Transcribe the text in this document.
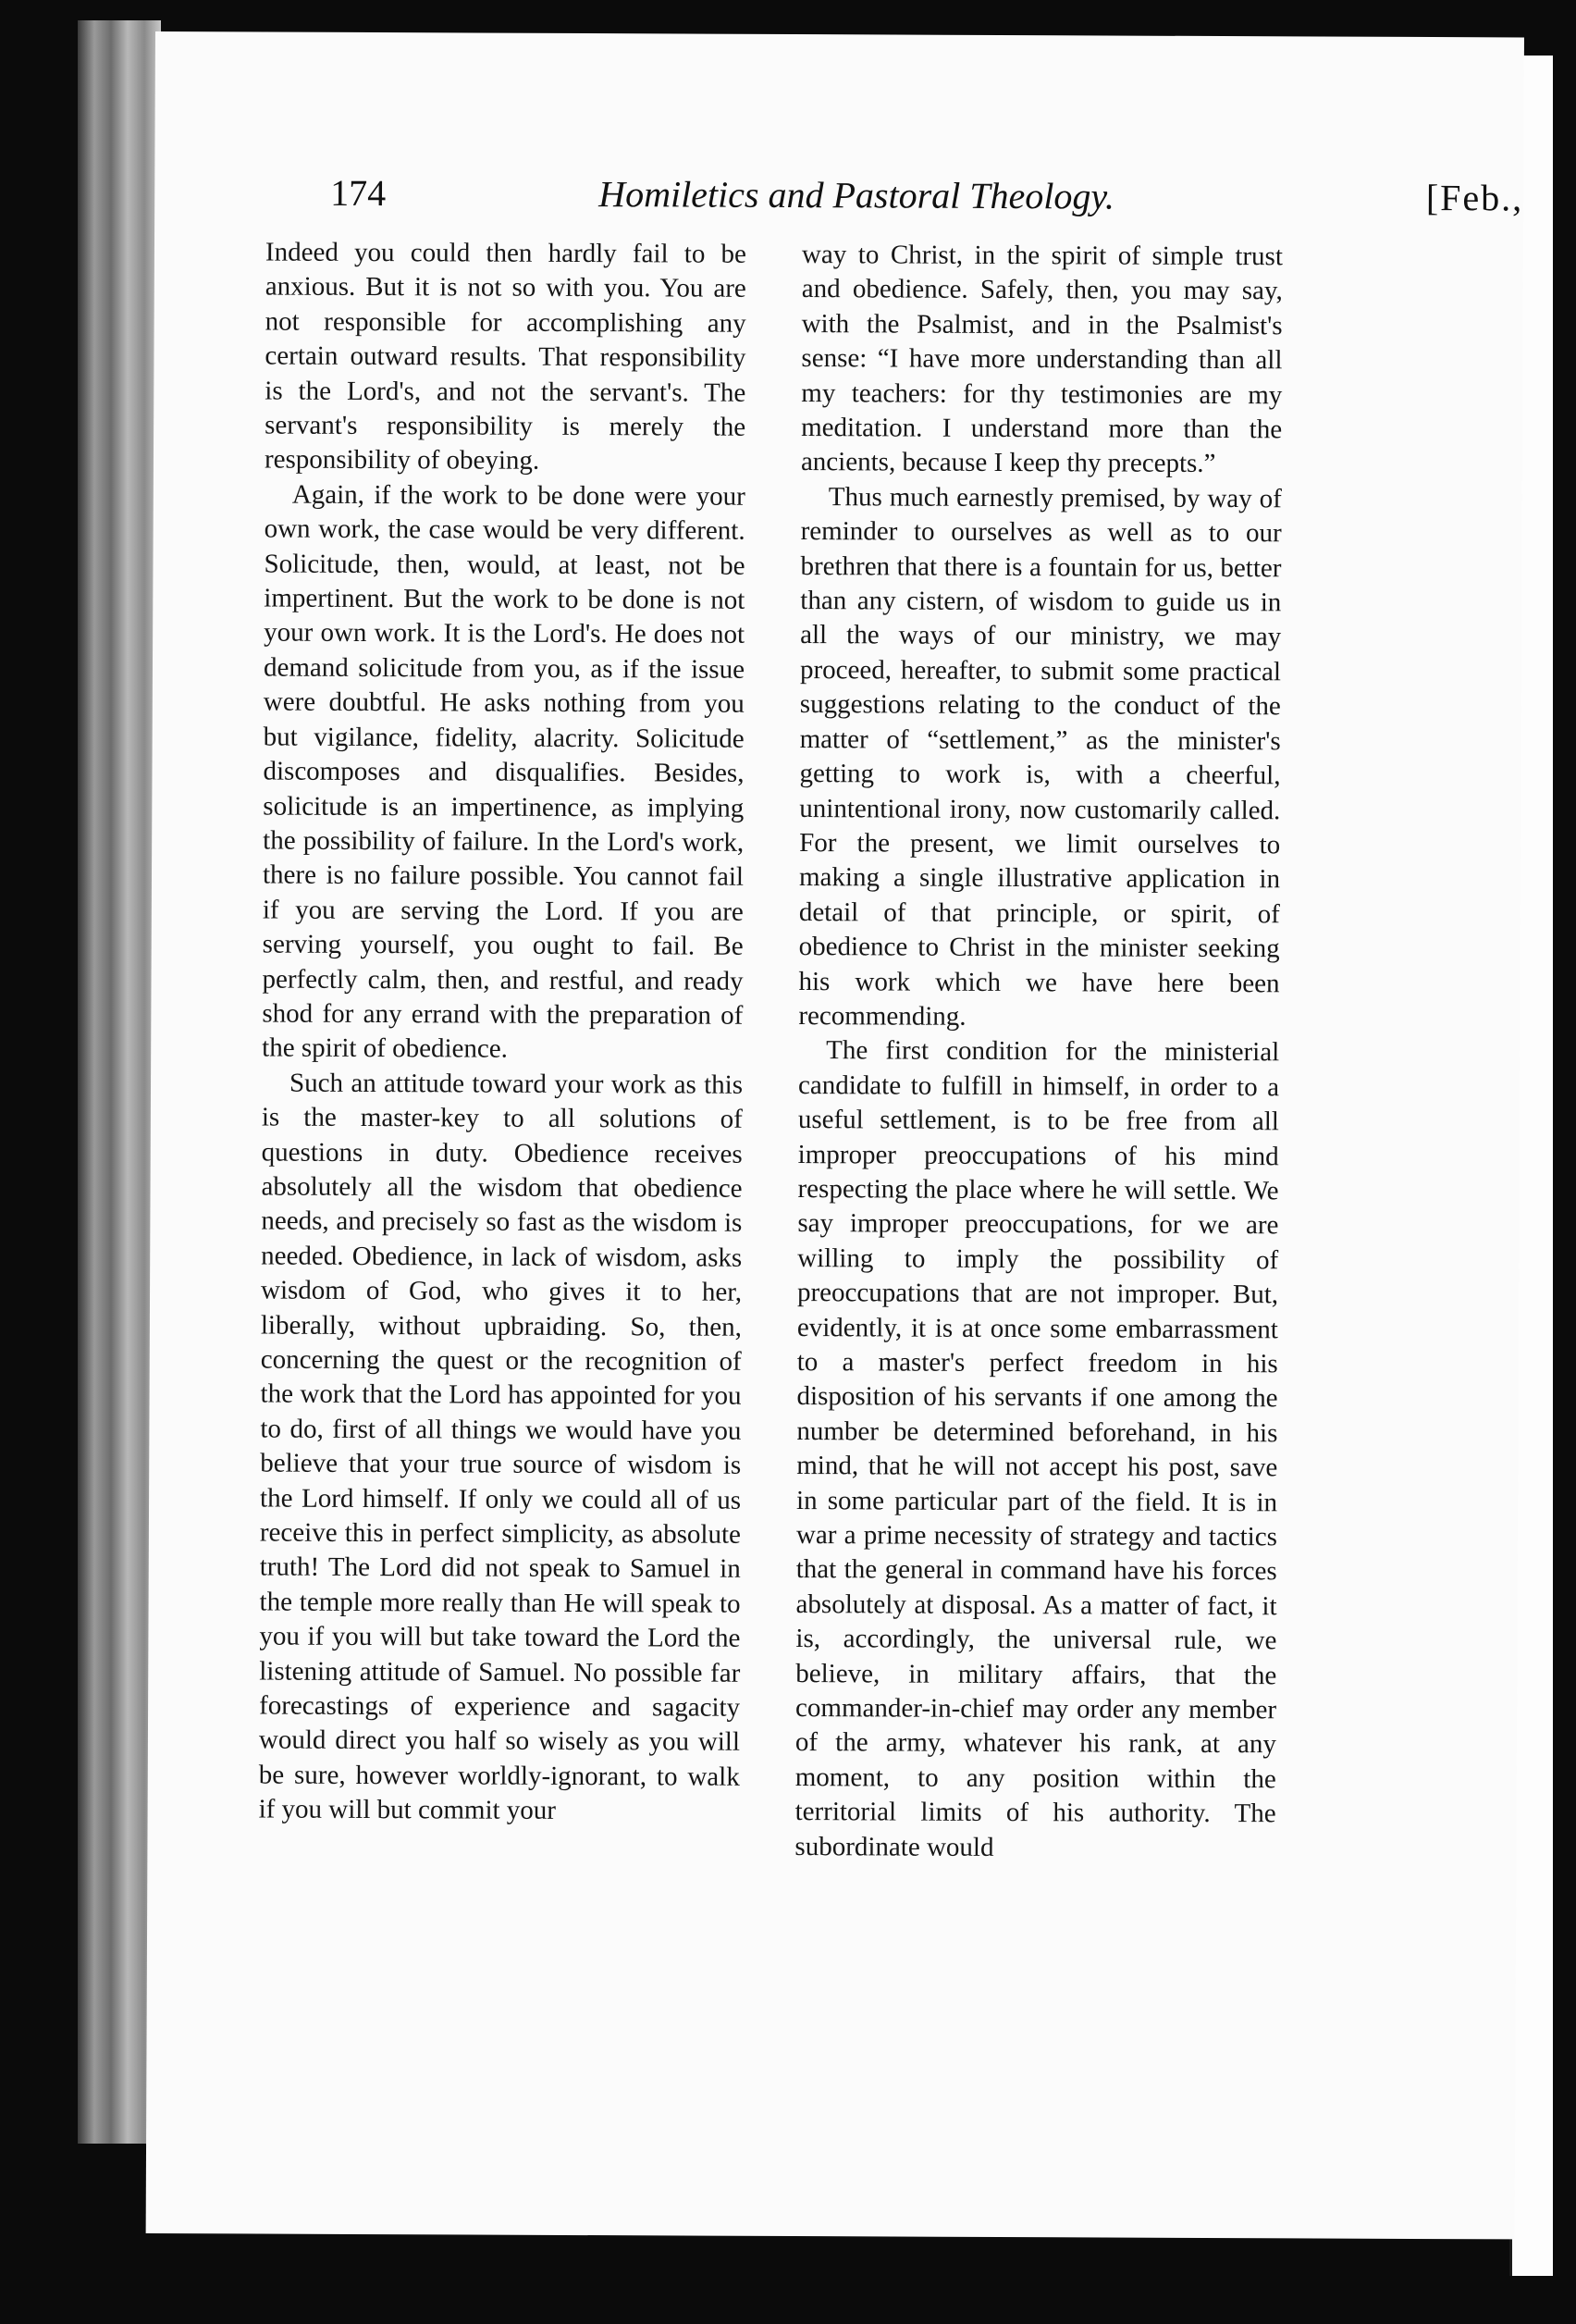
174	Homiletics and Pastoral Theology.	[Feb.,

Indeed you could then hardly fail to be anxious. But it is not so with you. You are not responsible for accomplishing any certain outward results. That responsibility is the Lord's, and not the servant's. The servant's responsibility is merely the responsibility of obeying.

Again, if the work to be done were your own work, the case would be very different. Solicitude, then, would, at least, not be impertinent. But the work to be done is not your own work. It is the Lord's. He does not demand solicitude from you, as if the issue were doubtful. He asks nothing from you but vigilance, fidelity, alacrity. Solicitude discomposes and disqualifies. Besides, solicitude is an impertinence, as implying the possibility of failure. In the Lord's work, there is no failure possible. You cannot fail if you are serving the Lord. If you are serving yourself, you ought to fail. Be perfectly calm, then, and restful, and ready shod for any errand with the preparation of the spirit of obedience.

Such an attitude toward your work as this is the master-key to all solutions of questions in duty. Obedience receives absolutely all the wisdom that obedience needs, and precisely so fast as the wisdom is needed. Obedience, in lack of wisdom, asks wisdom of God, who gives it to her, liberally, without upbraiding. So, then, concerning the quest or the recognition of the work that the Lord has appointed for you to do, first of all things we would have you believe that your true source of wisdom is the Lord himself. If only we could all of us receive this in perfect simplicity, as absolute truth! The Lord did not speak to Samuel in the temple more really than He will speak to you if you will but take toward the Lord the listening attitude of Samuel. No possible far forecastings of experience and sagacity would direct you half so wisely as you will be sure, however worldly-ignorant, to walk if you will but commit your

way to Christ, in the spirit of simple trust and obedience. Safely, then, you may say, with the Psalmist, and in the Psalmist's sense: “I have more understanding than all my teachers: for thy testimonies are my meditation. I understand more than the ancients, because I keep thy precepts.”

Thus much earnestly premised, by way of reminder to ourselves as well as to our brethren that there is a fountain for us, better than any cistern, of wisdom to guide us in all the ways of our ministry, we may proceed, hereafter, to submit some practical suggestions relating to the conduct of the matter of “settlement,” as the minister's getting to work is, with a cheerful, unintentional irony, now customarily called. For the present, we limit ourselves to making a single illustrative application in detail of that principle, or spirit, of obedience to Christ in the minister seeking his work which we have here been recommending.

The first condition for the ministerial candidate to fulfill in himself, in order to a useful settlement, is to be free from all improper preoccupations of his mind respecting the place where he will settle. We say improper preoccupations, for we are willing to imply the possibility of preoccupations that are not improper. But, evidently, it is at once some embarrassment to a master's perfect freedom in his disposition of his servants if one among the number be determined beforehand, in his mind, that he will not accept his post, save in some particular part of the field. It is in war a prime necessity of strategy and tactics that the general in command have his forces absolutely at disposal. As a matter of fact, it is, accordingly, the universal rule, we believe, in military affairs, that the commander-in-chief may order any member of the army, whatever his rank, at any moment, to any position within the territorial limits of his authority. The subordinate would
